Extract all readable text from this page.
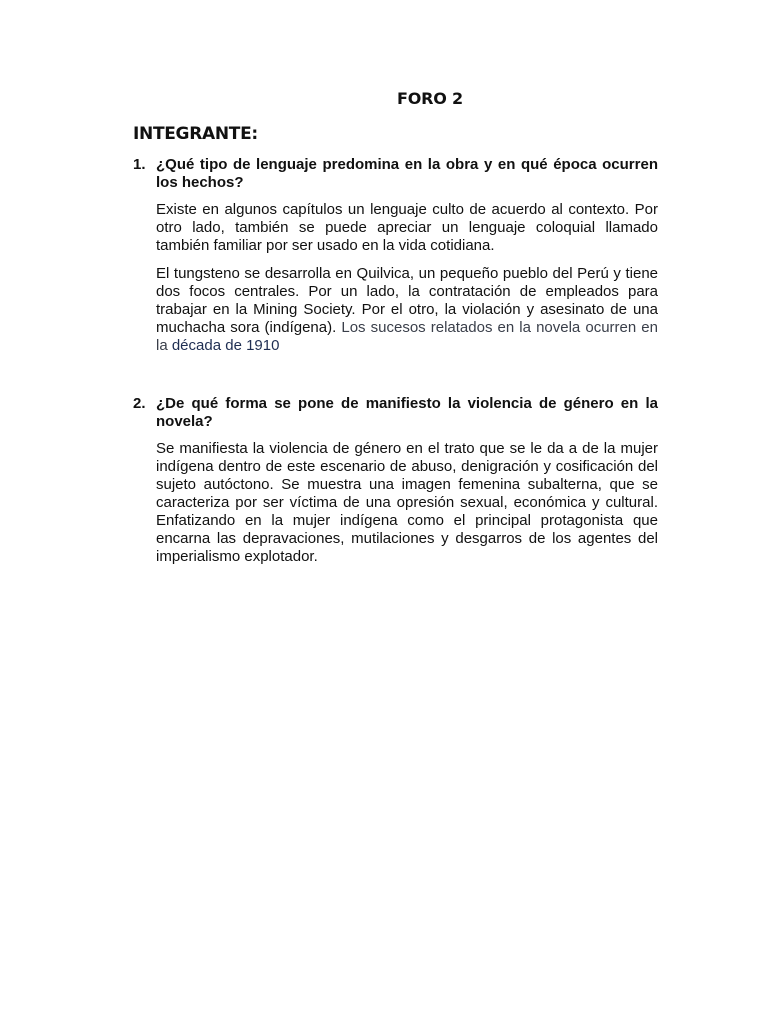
FORO 2
INTEGRANTE:
1. ¿Qué tipo de lenguaje predomina en la obra y en qué época ocurren los hechos?

Existe en algunos capítulos un lenguaje culto de acuerdo al contexto. Por otro lado, también se puede apreciar un lenguaje coloquial llamado también familiar por ser usado en la vida cotidiana.

El tungsteno se desarrolla en Quilvica, un pequeño pueblo del Perú y tiene dos focos centrales. Por un lado, la contratación de empleados para trabajar en la Mining Society. Por el otro, la violación y asesinato de una muchacha sora (indígena). Los sucesos relatados en la novela ocurren en la década de 1910

2. ¿De qué forma se pone de manifiesto la violencia de género en la novela?

Se manifiesta la violencia de género en el trato que se le da a de la mujer indígena dentro de este escenario de abuso, denigración y cosificación del sujeto autóctono. Se muestra una imagen femenina subalterna, que se caracteriza por ser víctima de una opresión sexual, económica y cultural. Enfatizando en la mujer indígena como el principal protagonista que encarna las depravaciones, mutilaciones y desgarros de los agentes del imperialismo explotador.
